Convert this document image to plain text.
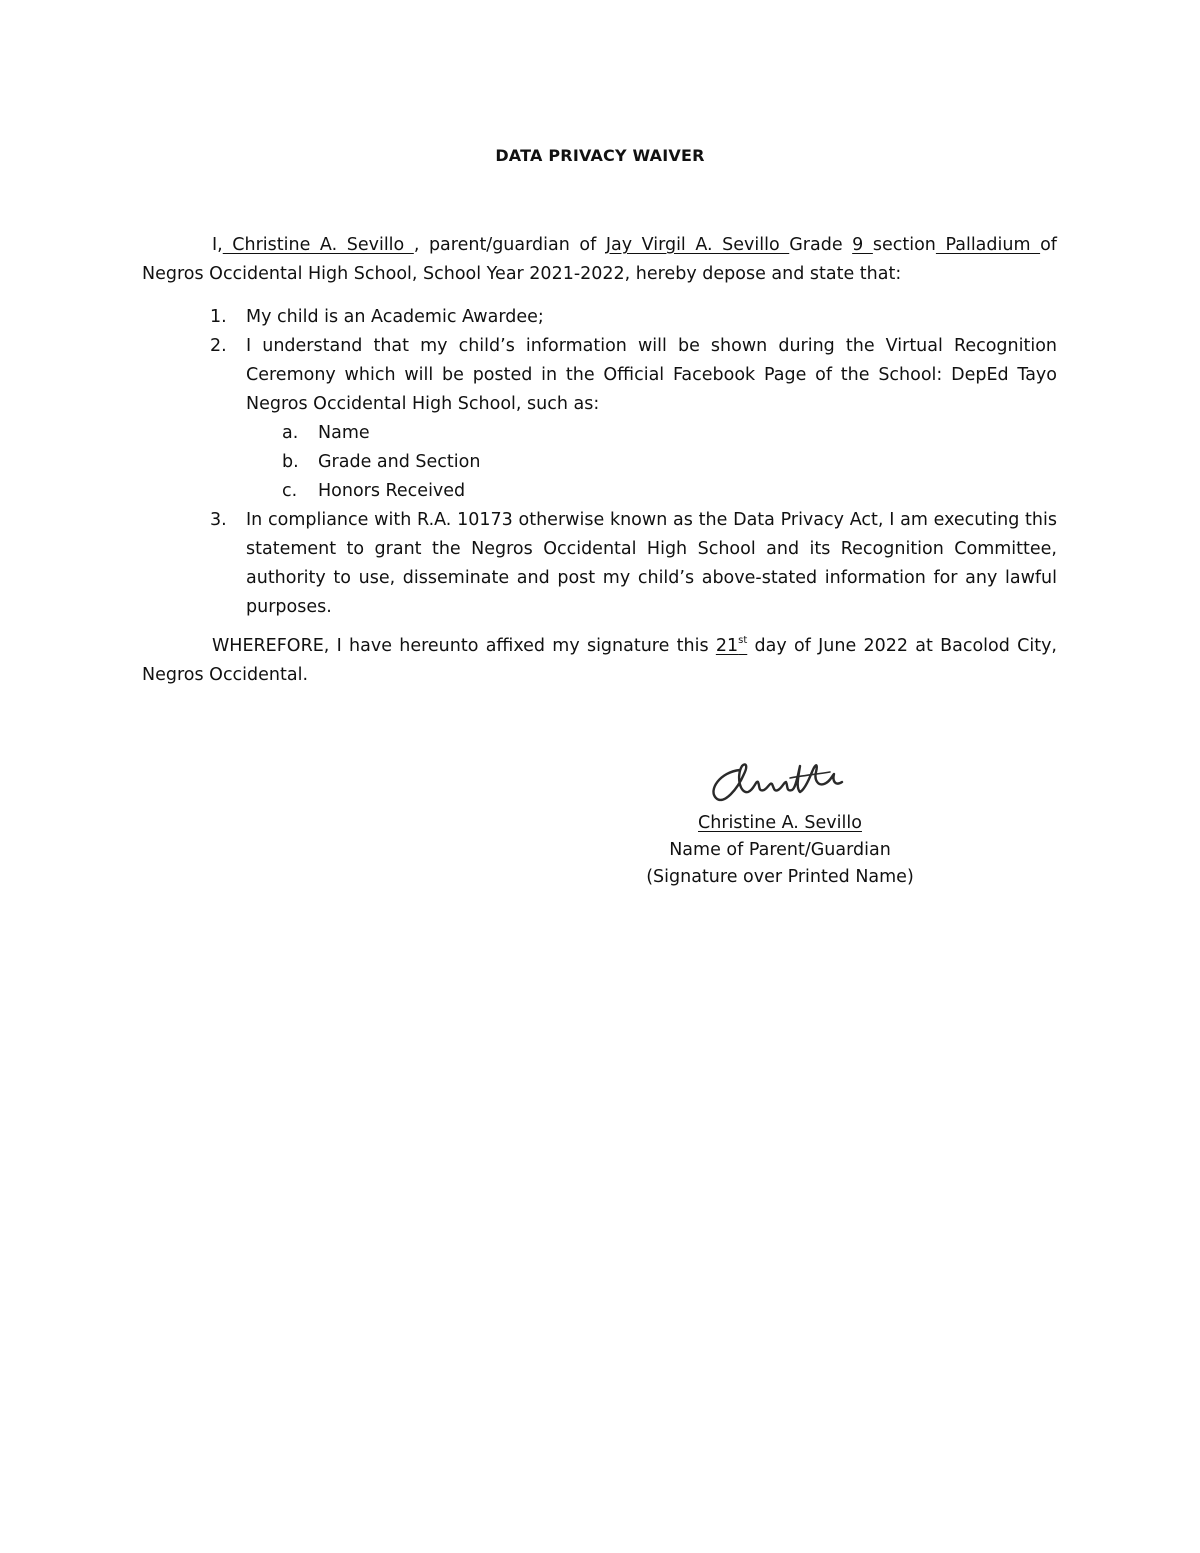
DATA PRIVACY WAIVER
I, Christine A. Sevillo , parent/guardian of Jay Virgil A. Sevillo Grade 9 section Palladium of Negros Occidental High School, School Year 2021-2022, hereby depose and state that:
1. My child is an Academic Awardee;
2. I understand that my child’s information will be shown during the Virtual Recognition Ceremony which will be posted in the Official Facebook Page of the School: DepEd Tayo Negros Occidental High School, such as:
a. Name
b. Grade and Section
c. Honors Received
3. In compliance with R.A. 10173 otherwise known as the Data Privacy Act, I am executing this statement to grant the Negros Occidental High School and its Recognition Committee, authority to use, disseminate and post my child’s above-stated information for any lawful purposes.
WHEREFORE, I have hereunto affixed my signature this 21st day of June 2022 at Bacolod City, Negros Occidental.
Christine A. Sevillo
Name of Parent/Guardian
(Signature over Printed Name)
